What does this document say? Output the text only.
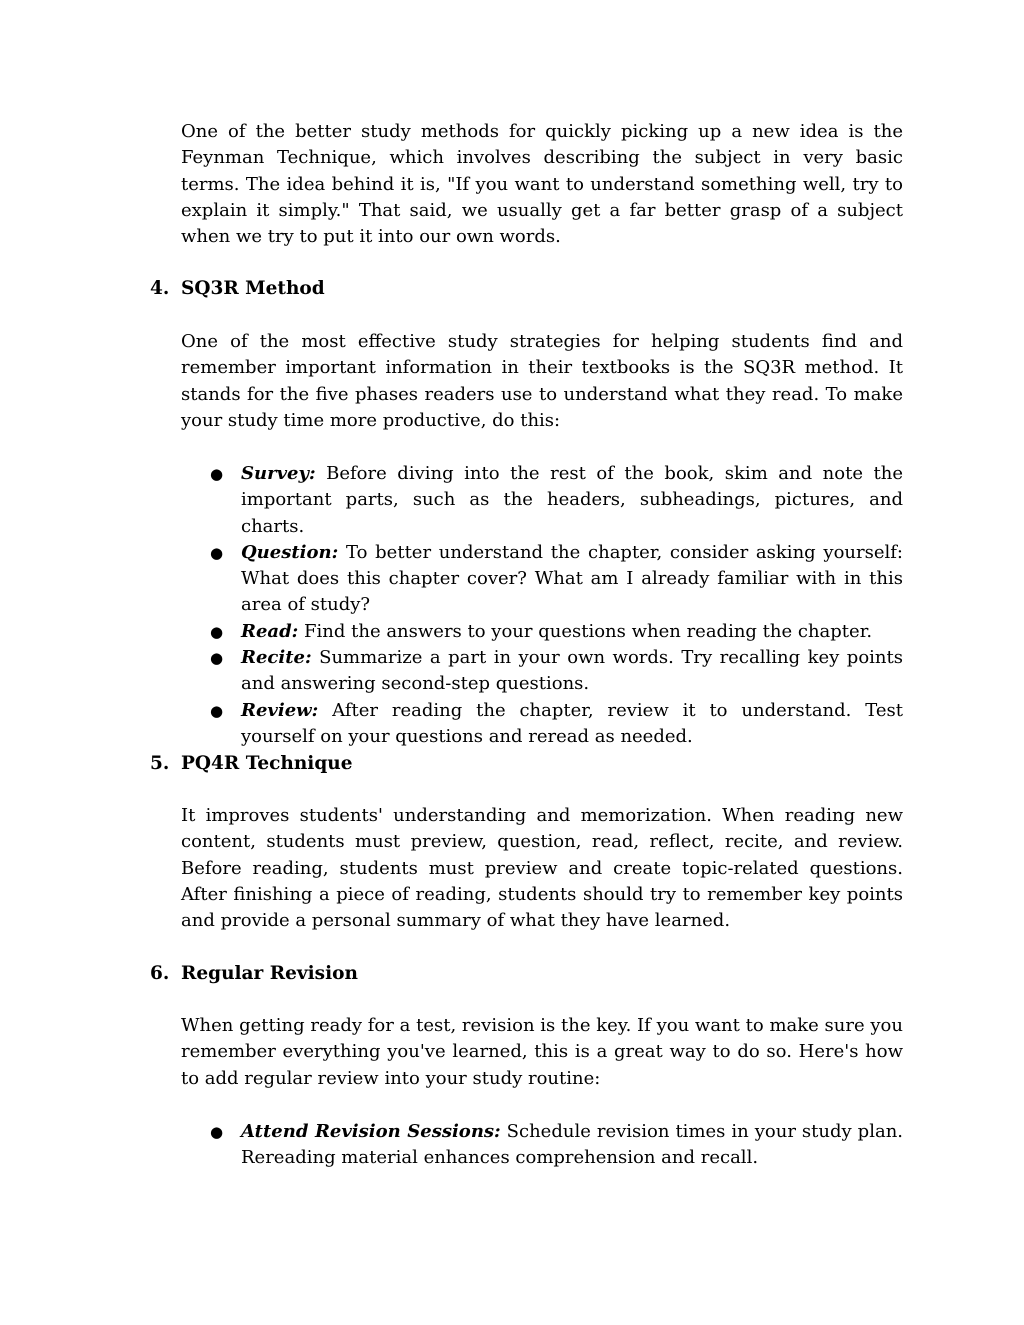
One of the better study methods for quickly picking up a new idea is the Feynman Technique, which involves describing the subject in very basic terms. The idea behind it is, "If you want to understand something well, try to explain it simply." That said, we usually get a far better grasp of a subject when we try to put it into our own words.

4. SQ3R Method

One of the most effective study strategies for helping students find and remember important information in their textbooks is the SQ3R method. It stands for the five phases readers use to understand what they read. To make your study time more productive, do this:

● Survey: Before diving into the rest of the book, skim and note the important parts, such as the headers, subheadings, pictures, and charts.
● Question: To better understand the chapter, consider asking yourself: What does this chapter cover? What am I already familiar with in this area of study?
● Read: Find the answers to your questions when reading the chapter.
● Recite: Summarize a part in your own words. Try recalling key points and answering second-step questions.
● Review: After reading the chapter, review it to understand. Test yourself on your questions and reread as needed.
5. PQ4R Technique

It improves students' understanding and memorization. When reading new content, students must preview, question, read, reflect, recite, and review. Before reading, students must preview and create topic-related questions. After finishing a piece of reading, students should try to remember key points and provide a personal summary of what they have learned.

6. Regular Revision

When getting ready for a test, revision is the key. If you want to make sure you remember everything you've learned, this is a great way to do so. Here's how to add regular review into your study routine:

● Attend Revision Sessions: Schedule revision times in your study plan. Rereading material enhances comprehension and recall.
